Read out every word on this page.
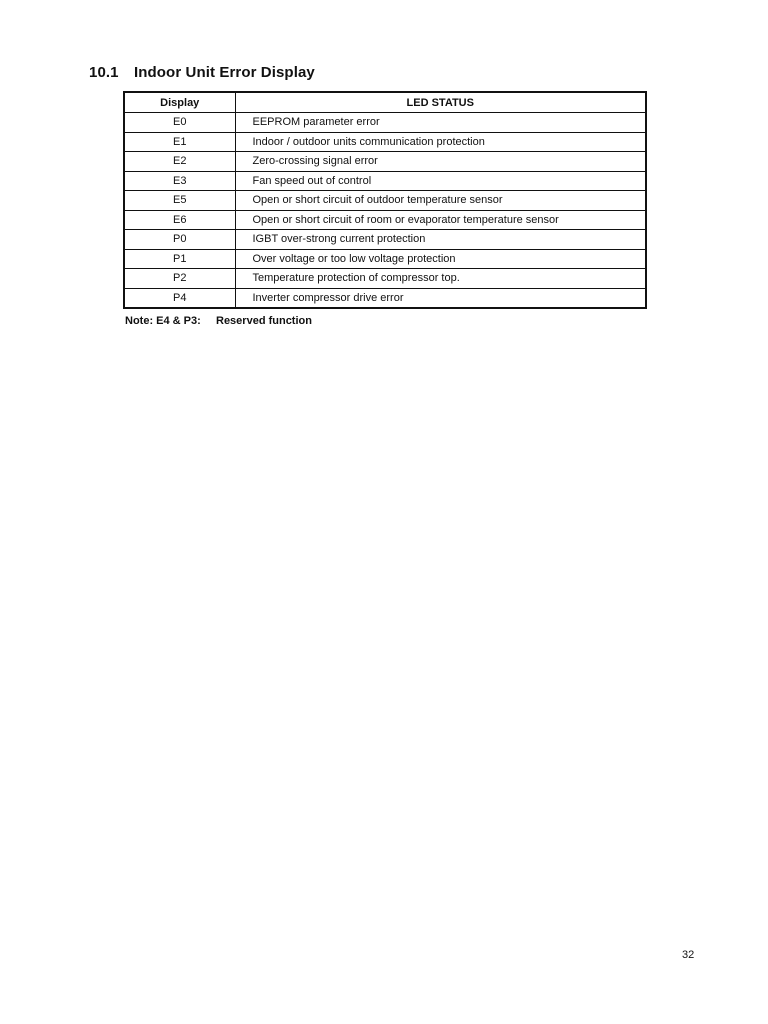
10.1 Indoor Unit Error Display
Display	LED STATUS
E0	EEPROM parameter error
E1	Indoor / outdoor units communication protection
E2	Zero-crossing signal error
E3	Fan speed out of control
E5	Open or short circuit of outdoor temperature sensor
E6	Open or short circuit of room or evaporator temperature sensor
P0	IGBT over-strong current protection
P1	Over voltage or too low voltage protection
P2	Temperature protection of compressor top.
P4	Inverter compressor drive error
Note: E4 & P3: Reserved function
32
